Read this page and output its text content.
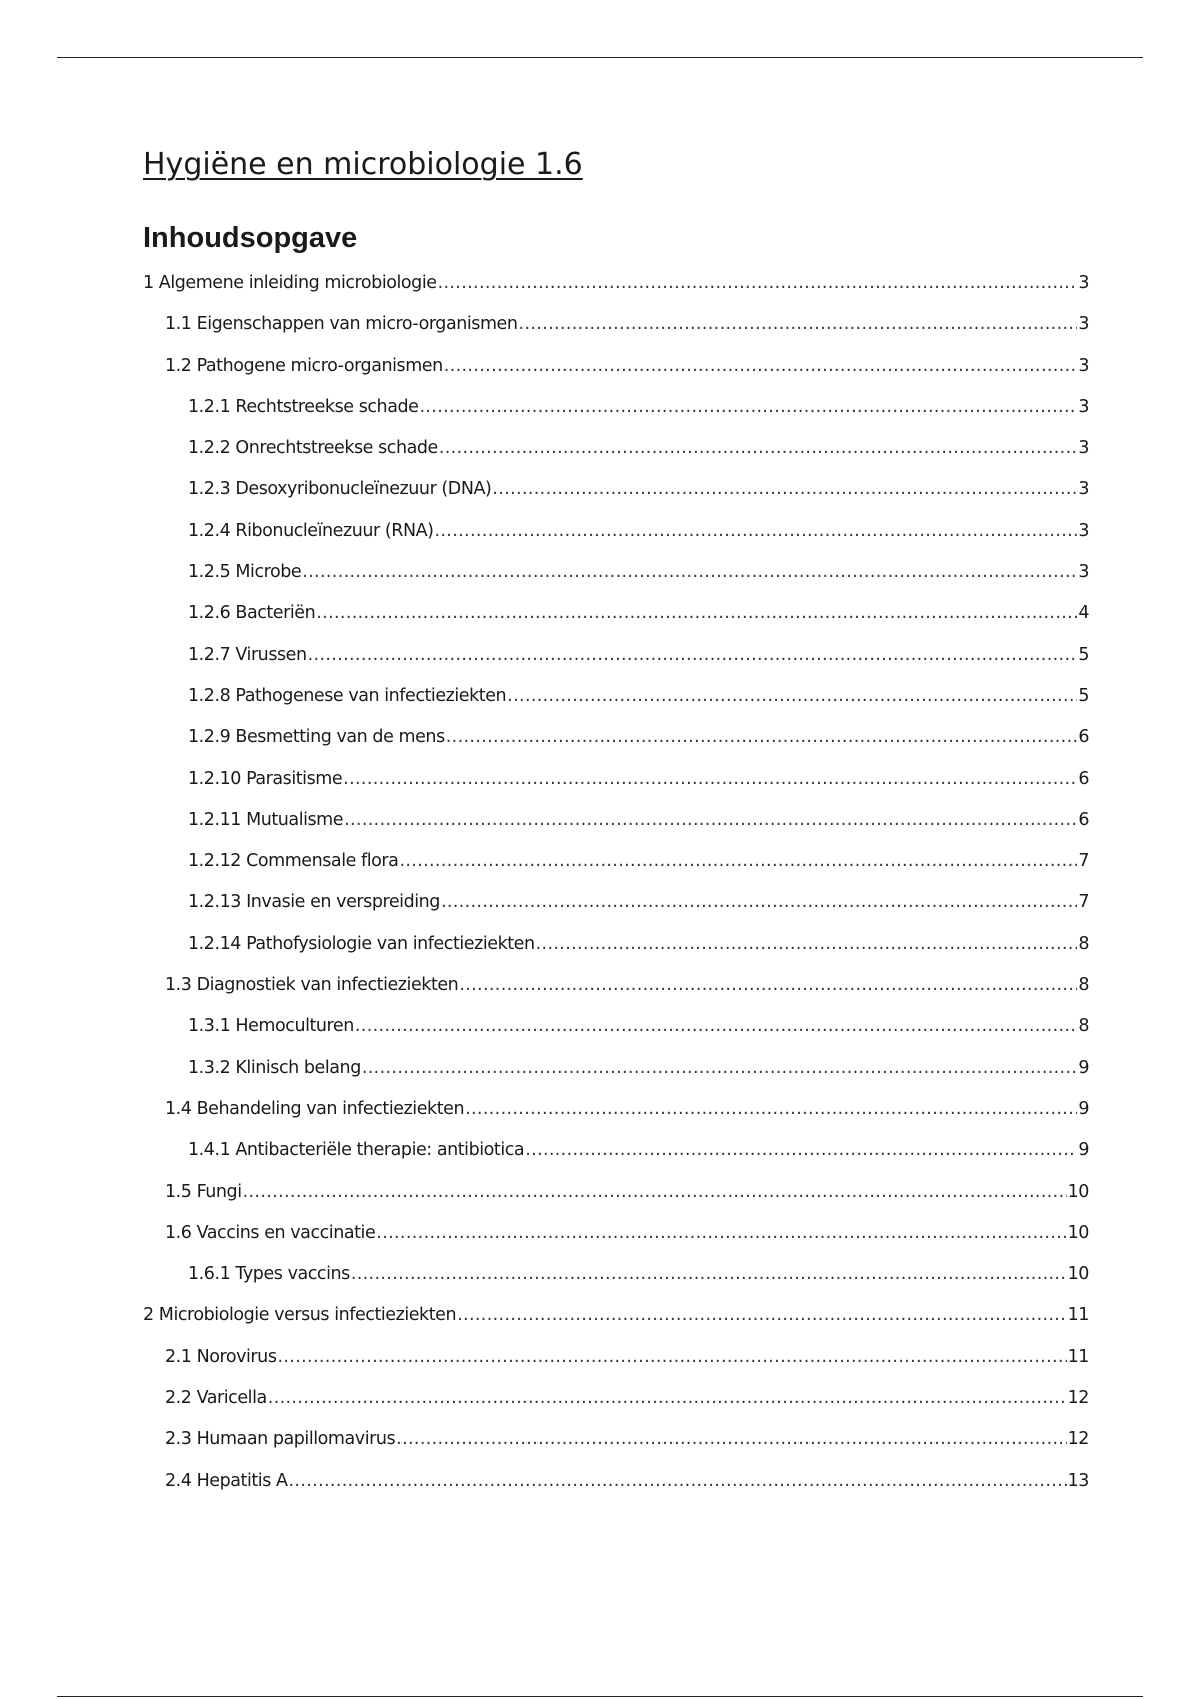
Hygiëne en microbiologie 1.6
Inhoudsopgave
1 Algemene inleiding microbiologie .....	3
1.1 Eigenschappen van micro-organismen .....	3
1.2 Pathogene micro-organismen .....	3
1.2.1 Rechtstreekse schade .....	3
1.2.2 Onrechtstreekse schade .....	3
1.2.3 Desoxyribonucleïnezuur (DNA) .....	3
1.2.4 Ribonucleïnezuur (RNA) .....	3
1.2.5 Microbe .....	3
1.2.6 Bacteriën .....	4
1.2.7 Virussen .....	5
1.2.8 Pathogenese van infectieziekten .....	5
1.2.9 Besmetting van de mens .....	6
1.2.10 Parasitisme .....	6
1.2.11 Mutualisme .....	6
1.2.12 Commensale flora .....	7
1.2.13 Invasie en verspreiding .....	7
1.2.14 Pathofysiologie van infectieziekten .....	8
1.3 Diagnostiek van infectieziekten .....	8
1.3.1 Hemoculturen .....	8
1.3.2 Klinisch belang .....	9
1.4 Behandeling van infectieziekten .....	9
1.4.1 Antibacteriële therapie: antibiotica .....	9
1.5 Fungi .....	10
1.6 Vaccins en vaccinatie .....	10
1.6.1 Types vaccins .....	10
2 Microbiologie versus infectieziekten .....	11
2.1 Norovirus .....	11
2.2 Varicella .....	12
2.3 Humaan papillomavirus .....	12
2.4 Hepatitis A .....	13
